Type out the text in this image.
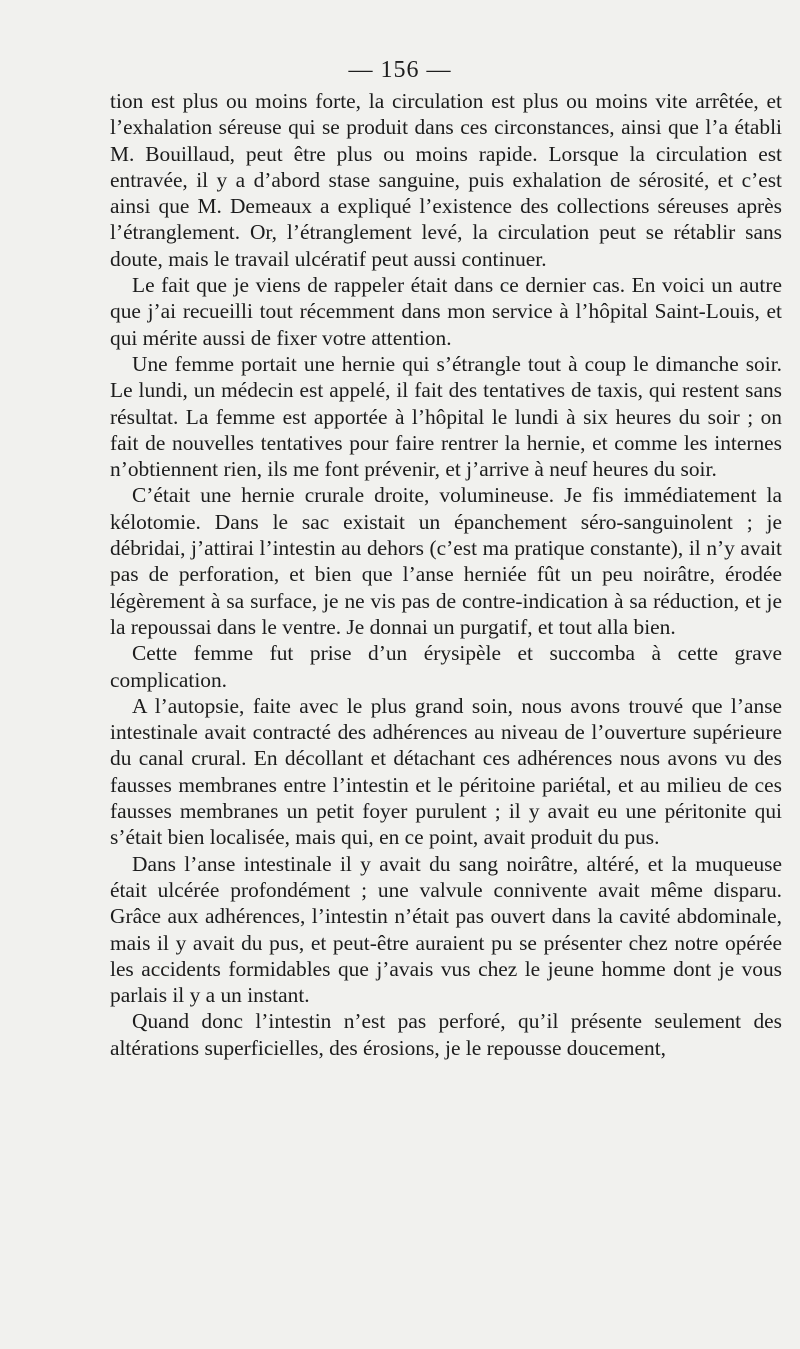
— 156 —

tion est plus ou moins forte, la circulation est plus ou moins vite arrêtée, et l’exhalation séreuse qui se produit dans ces circonstances, ainsi que l’a établi M. Bouillaud, peut être plus ou moins rapide. Lorsque la circulation est entravée, il y a d’abord stase sanguine, puis exhalation de sérosité, et c’est ainsi que M. Demeaux a expliqué l’existence des collections séreuses après l’étranglement. Or, l’étranglement levé, la circulation peut se rétablir sans doute, mais le travail ulcératif peut aussi continuer.

Le fait que je viens de rappeler était dans ce dernier cas. En voici un autre que j’ai recueilli tout récemment dans mon service à l’hôpital Saint-Louis, et qui mérite aussi de fixer votre attention.

Une femme portait une hernie qui s’étrangle tout à coup le dimanche soir. Le lundi, un médecin est appelé, il fait des tentatives de taxis, qui restent sans résultat. La femme est apportée à l’hôpital le lundi à six heures du soir ; on fait de nouvelles tentatives pour faire rentrer la hernie, et comme les internes n’obtiennent rien, ils me font prévenir, et j’arrive à neuf heures du soir.

C’était une hernie crurale droite, volumineuse. Je fis immédiatement la kélotomie. Dans le sac existait un épanchement séro-sanguinolent ; je débridai, j’attirai l’intestin au dehors (c’est ma pratique constante), il n’y avait pas de perforation, et bien que l’anse herniée fût un peu noirâtre, érodée légèrement à sa surface, je ne vis pas de contre-indication à sa réduction, et je la repoussai dans le ventre. Je donnai un purgatif, et tout alla bien.

Cette femme fut prise d’un érysipèle et succomba à cette grave complication.

A l’autopsie, faite avec le plus grand soin, nous avons trouvé que l’anse intestinale avait contracté des adhérences au niveau de l’ouverture supérieure du canal crural. En décollant et détachant ces adhérences nous avons vu des fausses membranes entre l’intestin et le péritoine pariétal, et au milieu de ces fausses membranes un petit foyer purulent ; il y avait eu une péritonite qui s’était bien localisée, mais qui, en ce point, avait produit du pus.

Dans l’anse intestinale il y avait du sang noirâtre, altéré, et la muqueuse était ulcérée profondément ; une valvule conniventе avait même disparu. Grâce aux adhérences, l’intestin n’était pas ouvert dans la cavité abdominale, mais il y avait du pus, et peut-être auraient pu se présenter chez notre opérée les accidents formidables que j’avais vus chez le jeune homme dont je vous parlais il y a un instant.

Quand donc l’intestin n’est pas perforé, qu’il présente seulement des altérations superficielles, des érosions, je le repousse doucement,
